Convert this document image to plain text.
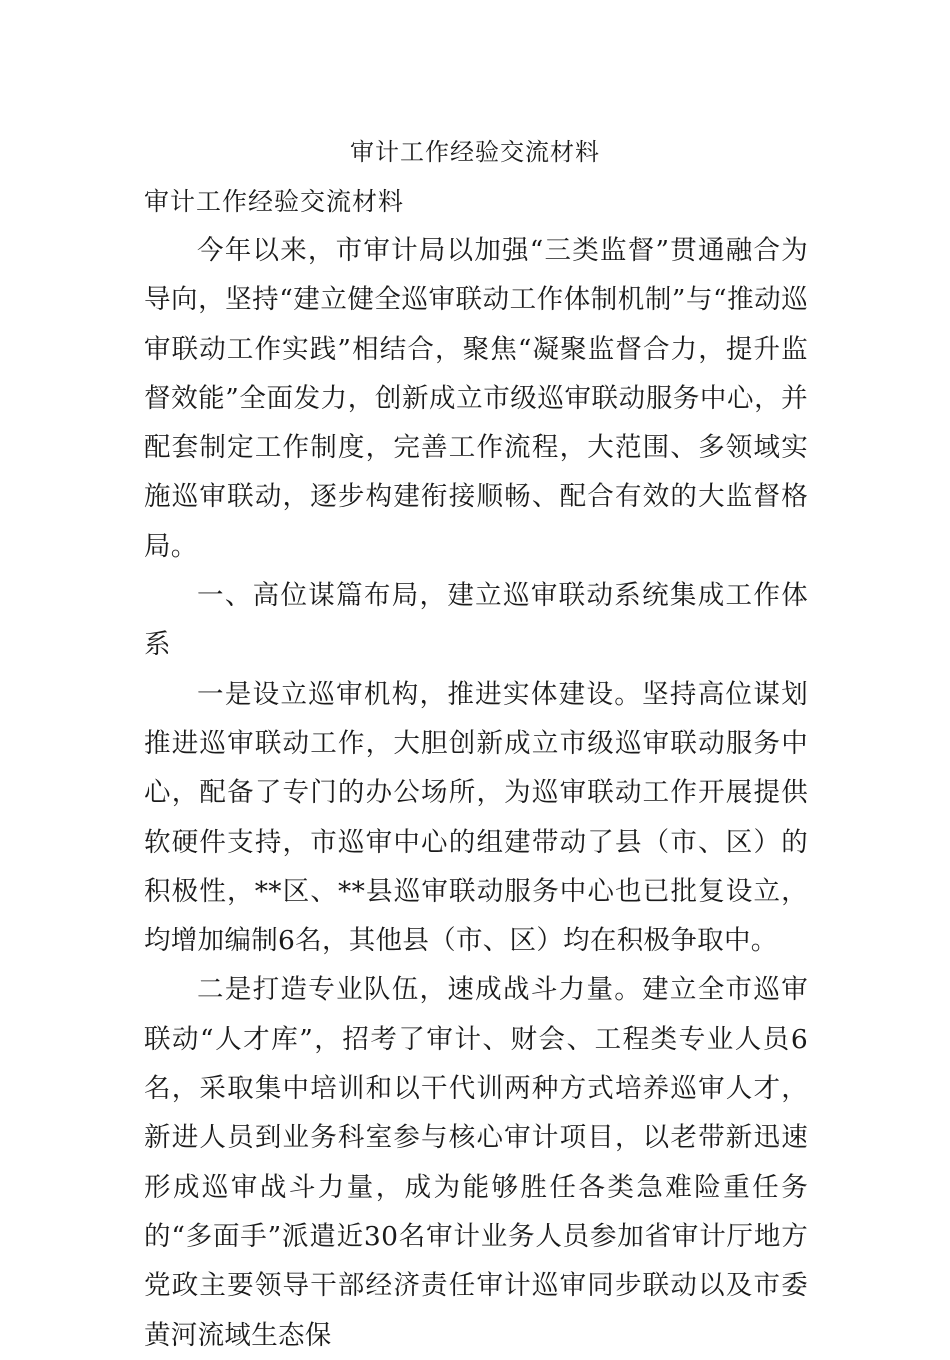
审计工作经验交流材料
审计工作经验交流材料

今年以来，市审计局以加强“三类监督”贯通融合为导向，坚持“建立健全巡审联动工作体制机制”与“推动巡审联动工作实践”相结合，聚焦“凝聚监督合力，提升监督效能”全面发力，创新成立市级巡审联动服务中心，并配套制定工作制度，完善工作流程，大范围、多领域实施巡审联动，逐步构建衔接顺畅、配合有效的大监督格局。

一、高位谋篇布局，建立巡审联动系统集成工作体系

一是设立巡审机构，推进实体建设。坚持高位谋划推进巡审联动工作，大胆创新成立市级巡审联动服务中心，配备了专门的办公场所，为巡审联动工作开展提供软硬件支持，市巡审中心的组建带动了县（市、区）的积极性，**区、**县巡审联动服务中心也已批复设立，均增加编制6名，其他县（市、区）均在积极争取中。

二是打造专业队伍，速成战斗力量。建立全市巡审联动“人才库”，招考了审计、财会、工程类专业人员6名，采取集中培训和以干代训两种方式培养巡审人才，新进人员到业务科室参与核心审计项目，以老带新迅速形成巡审战斗力量，成为能够胜任各类急难险重任务的“多面手”派遣近30名审计业务人员参加省审计厅地方党政主要领导干部经济责任审计巡审同步联动以及市委黄河流域生态保
